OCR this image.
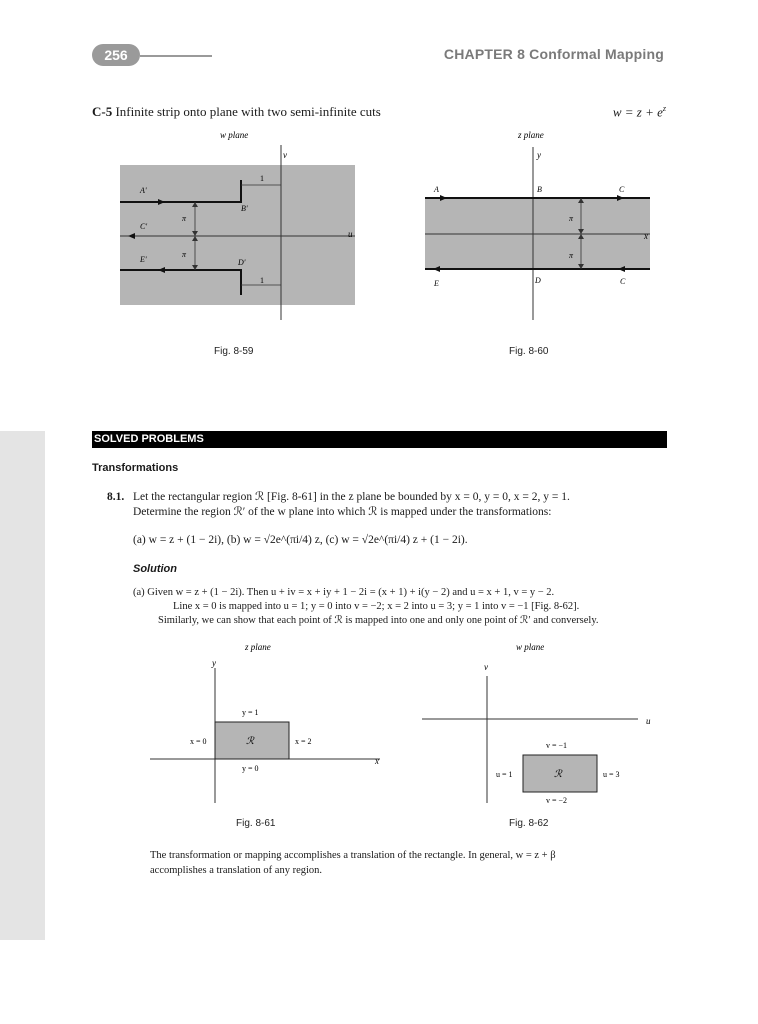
256	CHAPTER 8 Conformal Mapping
C-5 Infinite strip onto plane with two semi-infinite cuts	$w = z + e^z$
w plane
v
u
π
π
1
1
A'
B'
C'
E'	D'
Fig. 8-59
z plane
y
x
π
π
A	B	C
E	D	C
Fig. 8-60
SOLVED PROBLEMS
Transformations
8.1. Let the rectangular region ℛ [Fig. 8-61] in the z plane be bounded by x = 0, y = 0, x = 2, y = 1.
Determine the region ℛ′ of the w plane into which ℛ is mapped under the transformations:
(a) w = z + (1 − 2i), (b) w = √2e^(πi/4) z, (c) w = √2e^(πi/4) z + (1 − 2i).
Solution
(a) Given w = z + (1 − 2i). Then u + iv = x + iy + 1 − 2i = (x + 1) + i(y − 2) and u = x + 1, v = y − 2.
Line x = 0 is mapped into u = 1; y = 0 into v = −2; x = 2 into u = 3; y = 1 into v = −1 [Fig. 8-62].
Similarly, we can show that each point of ℛ is mapped into one and only one point of ℛ′ and conversely.
z plane
y
x
ℛ
y = 1
y = 0
x = 0	x = 2
Fig. 8-61
w plane
v
u
ℛ
v = −1
v = −2
u = 1	u = 3
Fig. 8-62
The transformation or mapping accomplishes a translation of the rectangle. In general, w = z + β
accomplishes a translation of any region.
